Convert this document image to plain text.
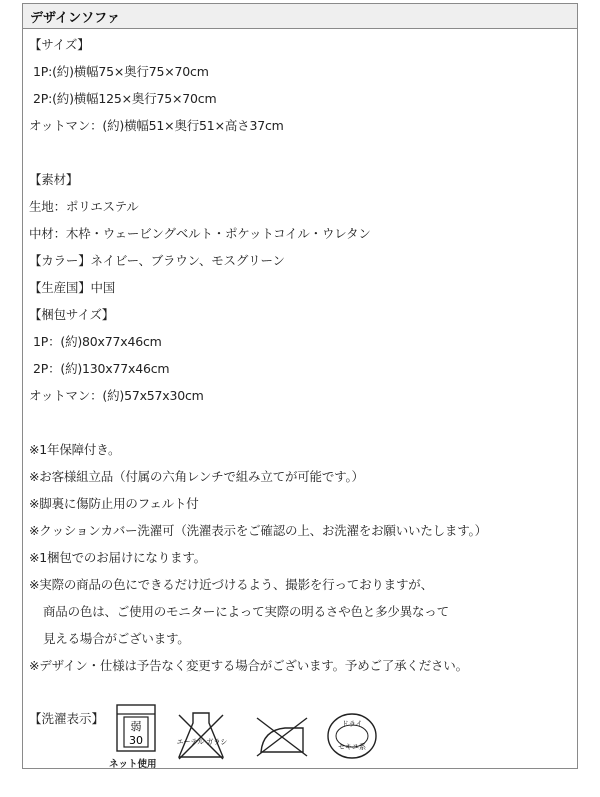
デザインソファ
【サイズ】
1P:(約)横幅75×奥行75×70cm
2P:(約)横幅125×奥行75×70cm
オットマン：(約)横幅51×奥行51×高さ37cm
【素材】
生地：ポリエステル
中材：木枠・ウェービングベルト・ポケットコイル・ウレタン
【カラー】ネイビー、ブラウン、モスグリーン
【生産国】中国
【梱包サイズ】
1P：(約)80x77x46cm
2P：(約)130x77x46cm
オットマン：(約)57x57x30cm
※1年保障付き。
※お客様組立品（付属の六角レンチで組み立てが可能です。）
※脚裏に傷防止用のフェルト付
※クッションカバー洗濯可（洗濯表示をご確認の上、お洗濯をお願いいたします。）
※1梱包でのお届けになります。
※実際の商品の色にできるだけ近づけるよう、撮影を行っておりますが、
商品の色は、ご使用のモニターによって実際の明るさや色と多少異なって
見える場合がございます。
※デザイン・仕様は予告なく変更する場合がございます。予めご了承ください。
【洗濯表示】
弱
30
ネット使用
エーテル ガラシ
ドライ
セキユ系
